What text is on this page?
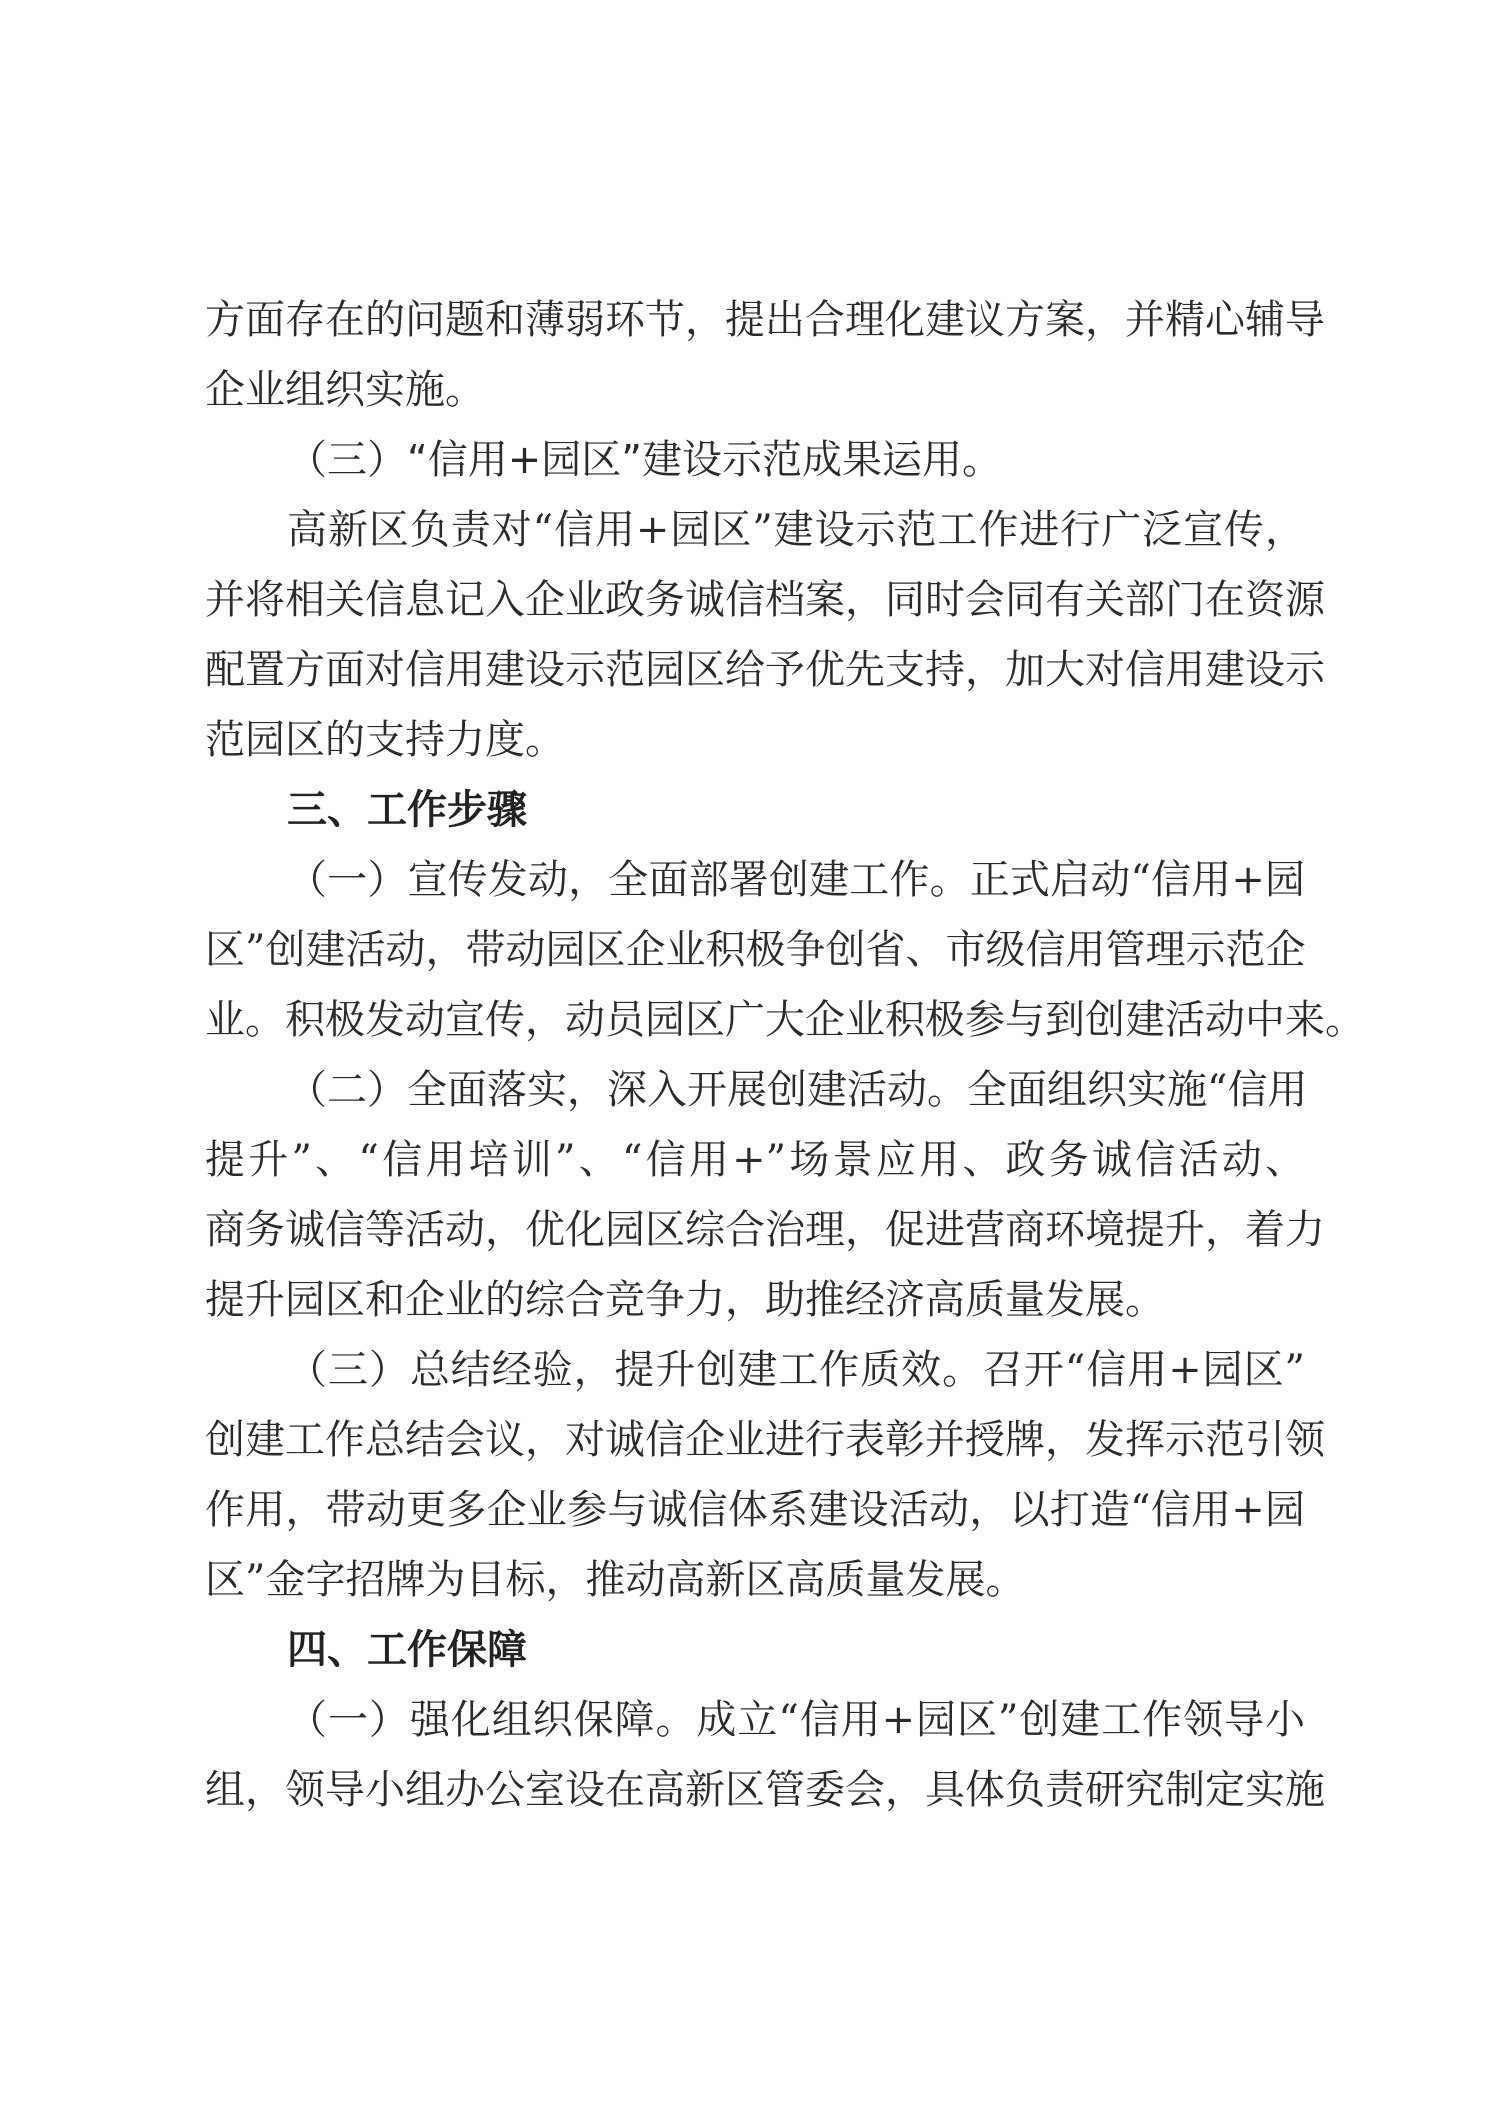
方面存在的问题和薄弱环节，提出合理化建议方案，并精心辅导
企业组织实施。
（三）“信用+园区”建设示范成果运用。
高新区负责对“信用+园区”建设示范工作进行广泛宣传，
并将相关信息记入企业政务诚信档案，同时会同有关部门在资源
配置方面对信用建设示范园区给予优先支持，加大对信用建设示
范园区的支持力度。
三、工作步骤
（一）宣传发动，全面部署创建工作。正式启动“信用+园
区”创建活动，带动园区企业积极争创省、市级信用管理示范企
业。积极发动宣传，动员园区广大企业积极参与到创建活动中来。
（二）全面落实，深入开展创建活动。全面组织实施“信用
提升”、“信用培训”、“信用+”场景应用、政务诚信活动、
商务诚信等活动，优化园区综合治理，促进营商环境提升，着力
提升园区和企业的综合竞争力，助推经济高质量发展。
（三）总结经验，提升创建工作质效。召开“信用+园区”
创建工作总结会议，对诚信企业进行表彰并授牌，发挥示范引领
作用，带动更多企业参与诚信体系建设活动，以打造“信用+园
区”金字招牌为目标，推动高新区高质量发展。
四、工作保障
（一）强化组织保障。成立“信用+园区”创建工作领导小
组，领导小组办公室设在高新区管委会，具体负责研究制定实施
